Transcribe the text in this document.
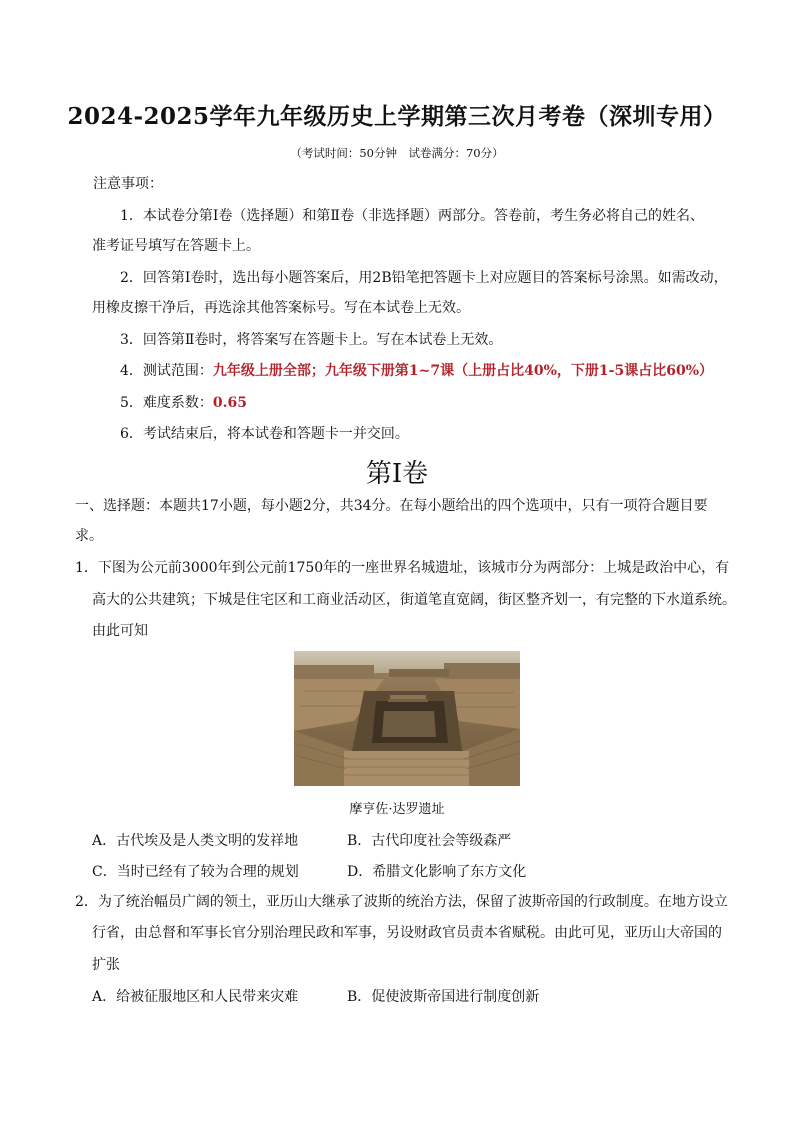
2024-2025学年九年级历史上学期第三次月考卷（深圳专用）
（考试时间：50分钟　试卷满分：70分）
注意事项：
1．本试卷分第Ⅰ卷（选择题）和第Ⅱ卷（非选择题）两部分。答卷前，考生务必将自己的姓名、
准考证号填写在答题卡上。
2．回答第Ⅰ卷时，选出每小题答案后，用2B铅笔把答题卡上对应题目的答案标号涂黑。如需改动，
用橡皮擦干净后，再选涂其他答案标号。写在本试卷上无效。
3．回答第Ⅱ卷时，将答案写在答题卡上。写在本试卷上无效。
4．测试范围：九年级上册全部；九年级下册第1~7课（上册占比40%，下册1-5课占比60%）
5．难度系数：0.65
6．考试结束后，将本试卷和答题卡一并交回。
第Ⅰ卷
一、选择题：本题共17小题，每小题2分，共34分。在每小题给出的四个选项中，只有一项符合题目要
求。
1．下图为公元前3000年到公元前1750年的一座世界名城遗址，该城市分为两部分：上城是政治中心，有
高大的公共建筑；下城是住宅区和工商业活动区，街道笔直宽阔，街区整齐划一，有完整的下水道系统。
由此可知
摩亨佐·达罗遗址
A．古代埃及是人类文明的发祥地	B．古代印度社会等级森严
C．当时已经有了较为合理的规划	D．希腊文化影响了东方文化
2．为了统治幅员广阔的领土，亚历山大继承了波斯的统治方法，保留了波斯帝国的行政制度。在地方设立
行省，由总督和军事长官分别治理民政和军事，另设财政官员责本省赋税。由此可见，亚历山大帝国的
扩张
A．给被征服地区和人民带来灾难	B．促使波斯帝国进行制度创新
